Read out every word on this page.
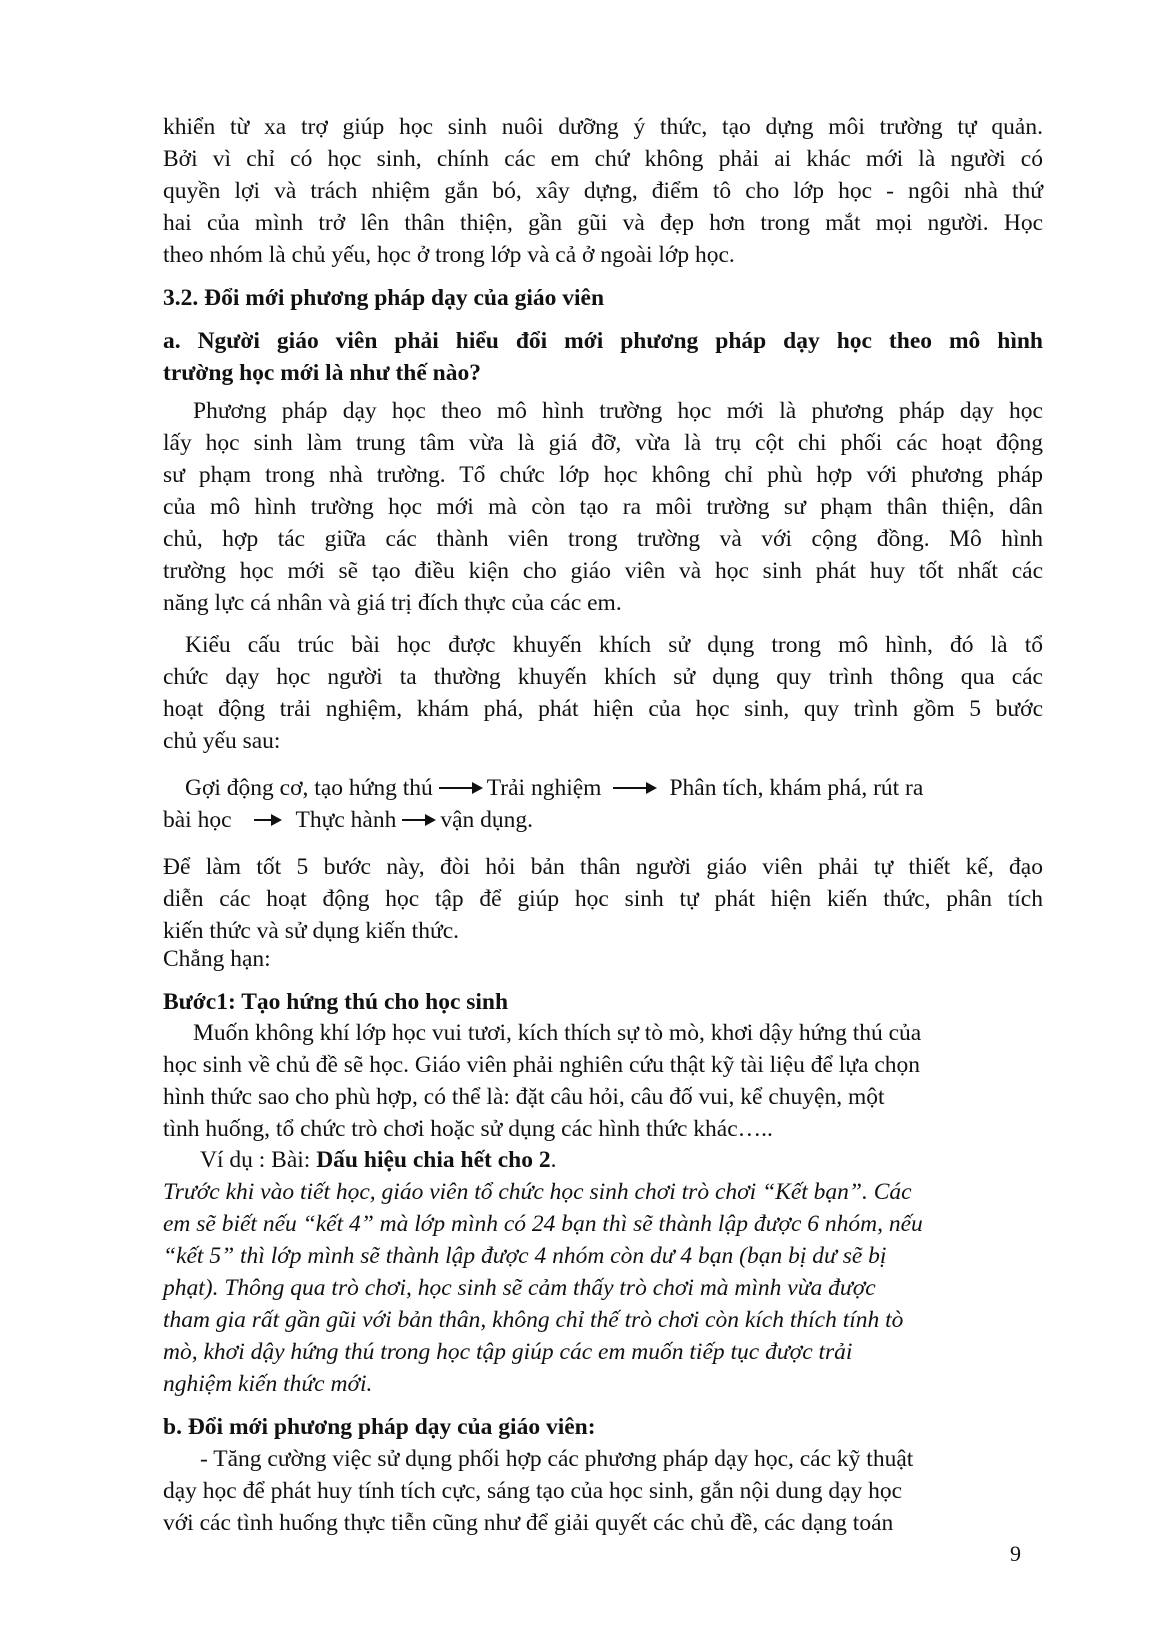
khiển từ xa trợ giúp học sinh nuôi dưỡng ý thức, tạo dựng môi trường tự quản.
Bởi vì chỉ có học sinh, chính các em chứ không phải ai khác mới là người có
quyền lợi và trách nhiệm gắn bó, xây dựng, điểm tô cho lớp học - ngôi nhà thứ
hai của mình trở lên thân thiện, gần gũi và đẹp hơn trong mắt mọi người. Học
theo nhóm là chủ yếu, học ở trong lớp và cả ở ngoài lớp học.
3.2. Đổi mới phương pháp dạy của giáo viên
a. Người giáo viên phải hiểu đổi mới phương pháp dạy học theo mô hình
trường học mới là như thế nào?
Phương pháp dạy học theo mô hình trường học mới là phương pháp dạy học
lấy học sinh làm trung tâm vừa là giá đỡ, vừa là trụ cột chi phối các hoạt động
sư phạm trong nhà trường. Tổ chức lớp học không chỉ phù hợp với phương pháp
của mô hình trường học mới mà còn tạo ra môi trường sư phạm thân thiện, dân
chủ, hợp tác giữa các thành viên trong trường và với cộng đồng. Mô hình
trường học mới sẽ tạo điều kiện cho giáo viên và học sinh phát huy tốt nhất các
năng lực cá nhân và giá trị đích thực của các em.
Kiểu cấu trúc bài học được khuyến khích sử dụng trong mô hình, đó là tổ
chức dạy học người ta thường khuyến khích sử dụng quy trình thông qua các
hoạt động trải nghiệm, khám phá, phát hiện của học sinh, quy trình gồm 5 bước
chủ yếu sau:
Gợi động cơ, tạo hứng thú Trải nghiệm	Phân tích, khám phá, rút ra
bài học	Thực hành vận dụng.
Để làm tốt 5 bước này, đòi hỏi bản thân người giáo viên phải tự thiết kế, đạo
diễn các hoạt động học tập để giúp học sinh tự phát hiện kiến thức, phân tích
kiến thức và sử dụng kiến thức.
Chẳng hạn:
Bước1: Tạo hứng thú cho học sinh
Muốn không khí lớp học vui tươi, kích thích sự tò mò, khơi dậy hứng thú của
học sinh về chủ đề sẽ học. Giáo viên phải nghiên cứu thật kỹ tài liệu để lựa chọn
hình thức sao cho phù hợp, có thể là: đặt câu hỏi, câu đố vui, kể chuyện, một
tình huống, tổ chức trò chơi hoặc sử dụng các hình thức khác…..
Ví dụ : Bài: Dấu hiệu chia hết cho 2.
Trước khi vào tiết học, giáo viên tổ chức học sinh chơi trò chơi “Kết bạn”. Các
em sẽ biết nếu “kết 4” mà lớp mình có 24 bạn thì sẽ thành lập được 6 nhóm, nếu
“kết 5” thì lớp mình sẽ thành lập được 4 nhóm còn dư 4 bạn (bạn bị dư sẽ bị
phạt). Thông qua trò chơi, học sinh sẽ cảm thấy trò chơi mà mình vừa được
tham gia rất gần gũi với bản thân, không chỉ thế trò chơi còn kích thích tính tò
mò, khơi dậy hứng thú trong học tập giúp các em muốn tiếp tục được trải
nghiệm kiến thức mới.
b. Đổi mới phương pháp dạy của giáo viên:
- Tăng cường việc sử dụng phối hợp các phương pháp dạy học, các kỹ thuật
dạy học để phát huy tính tích cực, sáng tạo của học sinh, gắn nội dung dạy học
với các tình huống thực tiễn cũng như để giải quyết các chủ đề, các dạng toán
9
